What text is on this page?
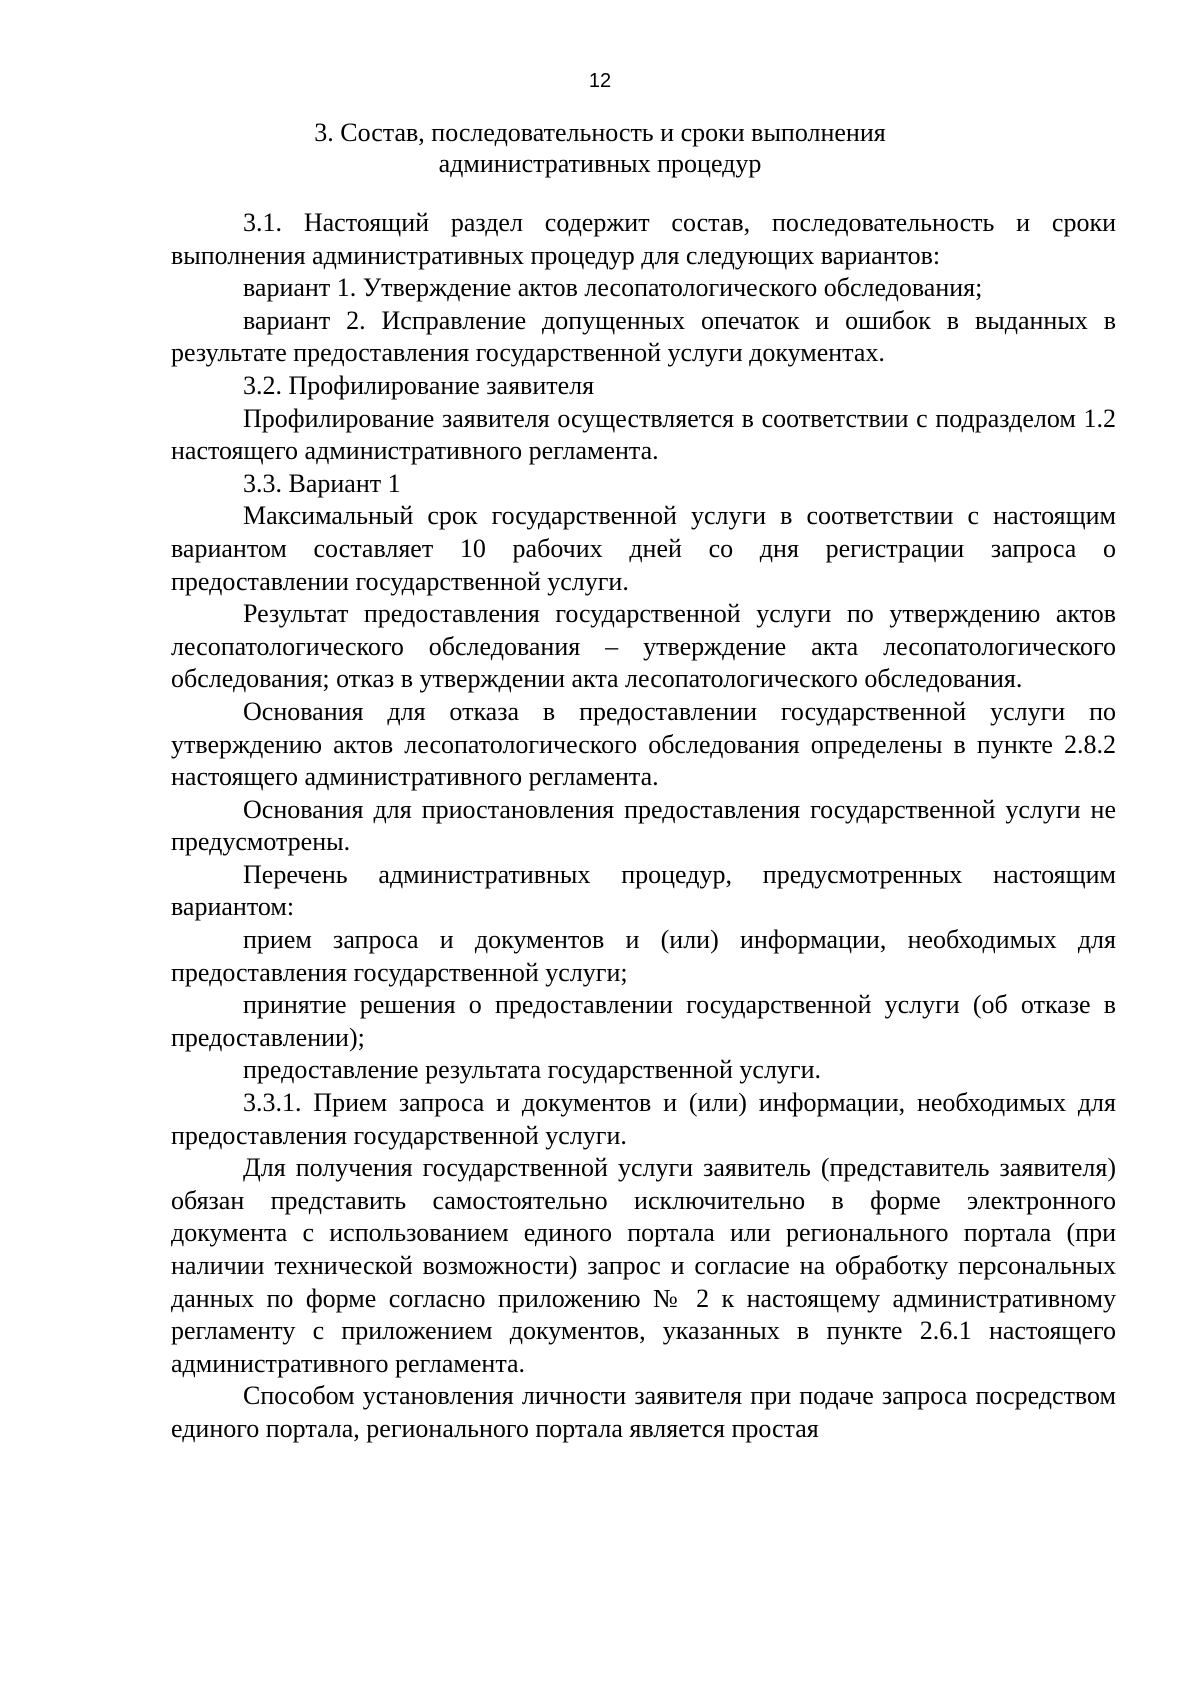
12
3. Состав, последовательность и сроки выполнения
административных процедур

3.1. Настоящий раздел содержит состав, последовательность и сроки выполнения административных процедур для следующих вариантов:

вариант 1. Утверждение актов лесопатологического обследования;

вариант 2. Исправление допущенных опечаток и ошибок в выданных в результате предоставления государственной услуги документах.

3.2. Профилирование заявителя

Профилирование заявителя осуществляется в соответствии с подразделом 1.2 настоящего административного регламента.

3.3. Вариант 1

Максимальный срок государственной услуги в соответствии с настоящим вариантом составляет 10 рабочих дней со дня регистрации запроса о предоставлении государственной услуги.

Результат предоставления государственной услуги по утверждению актов лесопатологического обследования – утверждение акта лесопатологического обследования; отказ в утверждении акта лесопатологического обследования.

Основания для отказа в предоставлении государственной услуги по утверждению актов лесопатологического обследования определены в пункте 2.8.2 настоящего административного регламента.

Основания для приостановления предоставления государственной услуги не предусмотрены.

Перечень административных процедур, предусмотренных настоящим вариантом:

прием запроса и документов и (или) информации, необходимых для предоставления государственной услуги;

принятие решения о предоставлении государственной услуги (об отказе в предоставлении);

предоставление результата государственной услуги.

3.3.1. Прием запроса и документов и (или) информации, необходимых для предоставления государственной услуги.

Для получения государственной услуги заявитель (представитель заявителя) обязан представить самостоятельно исключительно в форме электронного документа с использованием единого портала или регионального портала (при наличии технической возможности) запрос и согласие на обработку персональных данных по форме согласно приложению № 2 к настоящему административному регламенту с приложением документов, указанных в пункте 2.6.1 настоящего административного регламента.

Способом установления личности заявителя при подаче запроса посредством единого портала, регионального портала является простая
